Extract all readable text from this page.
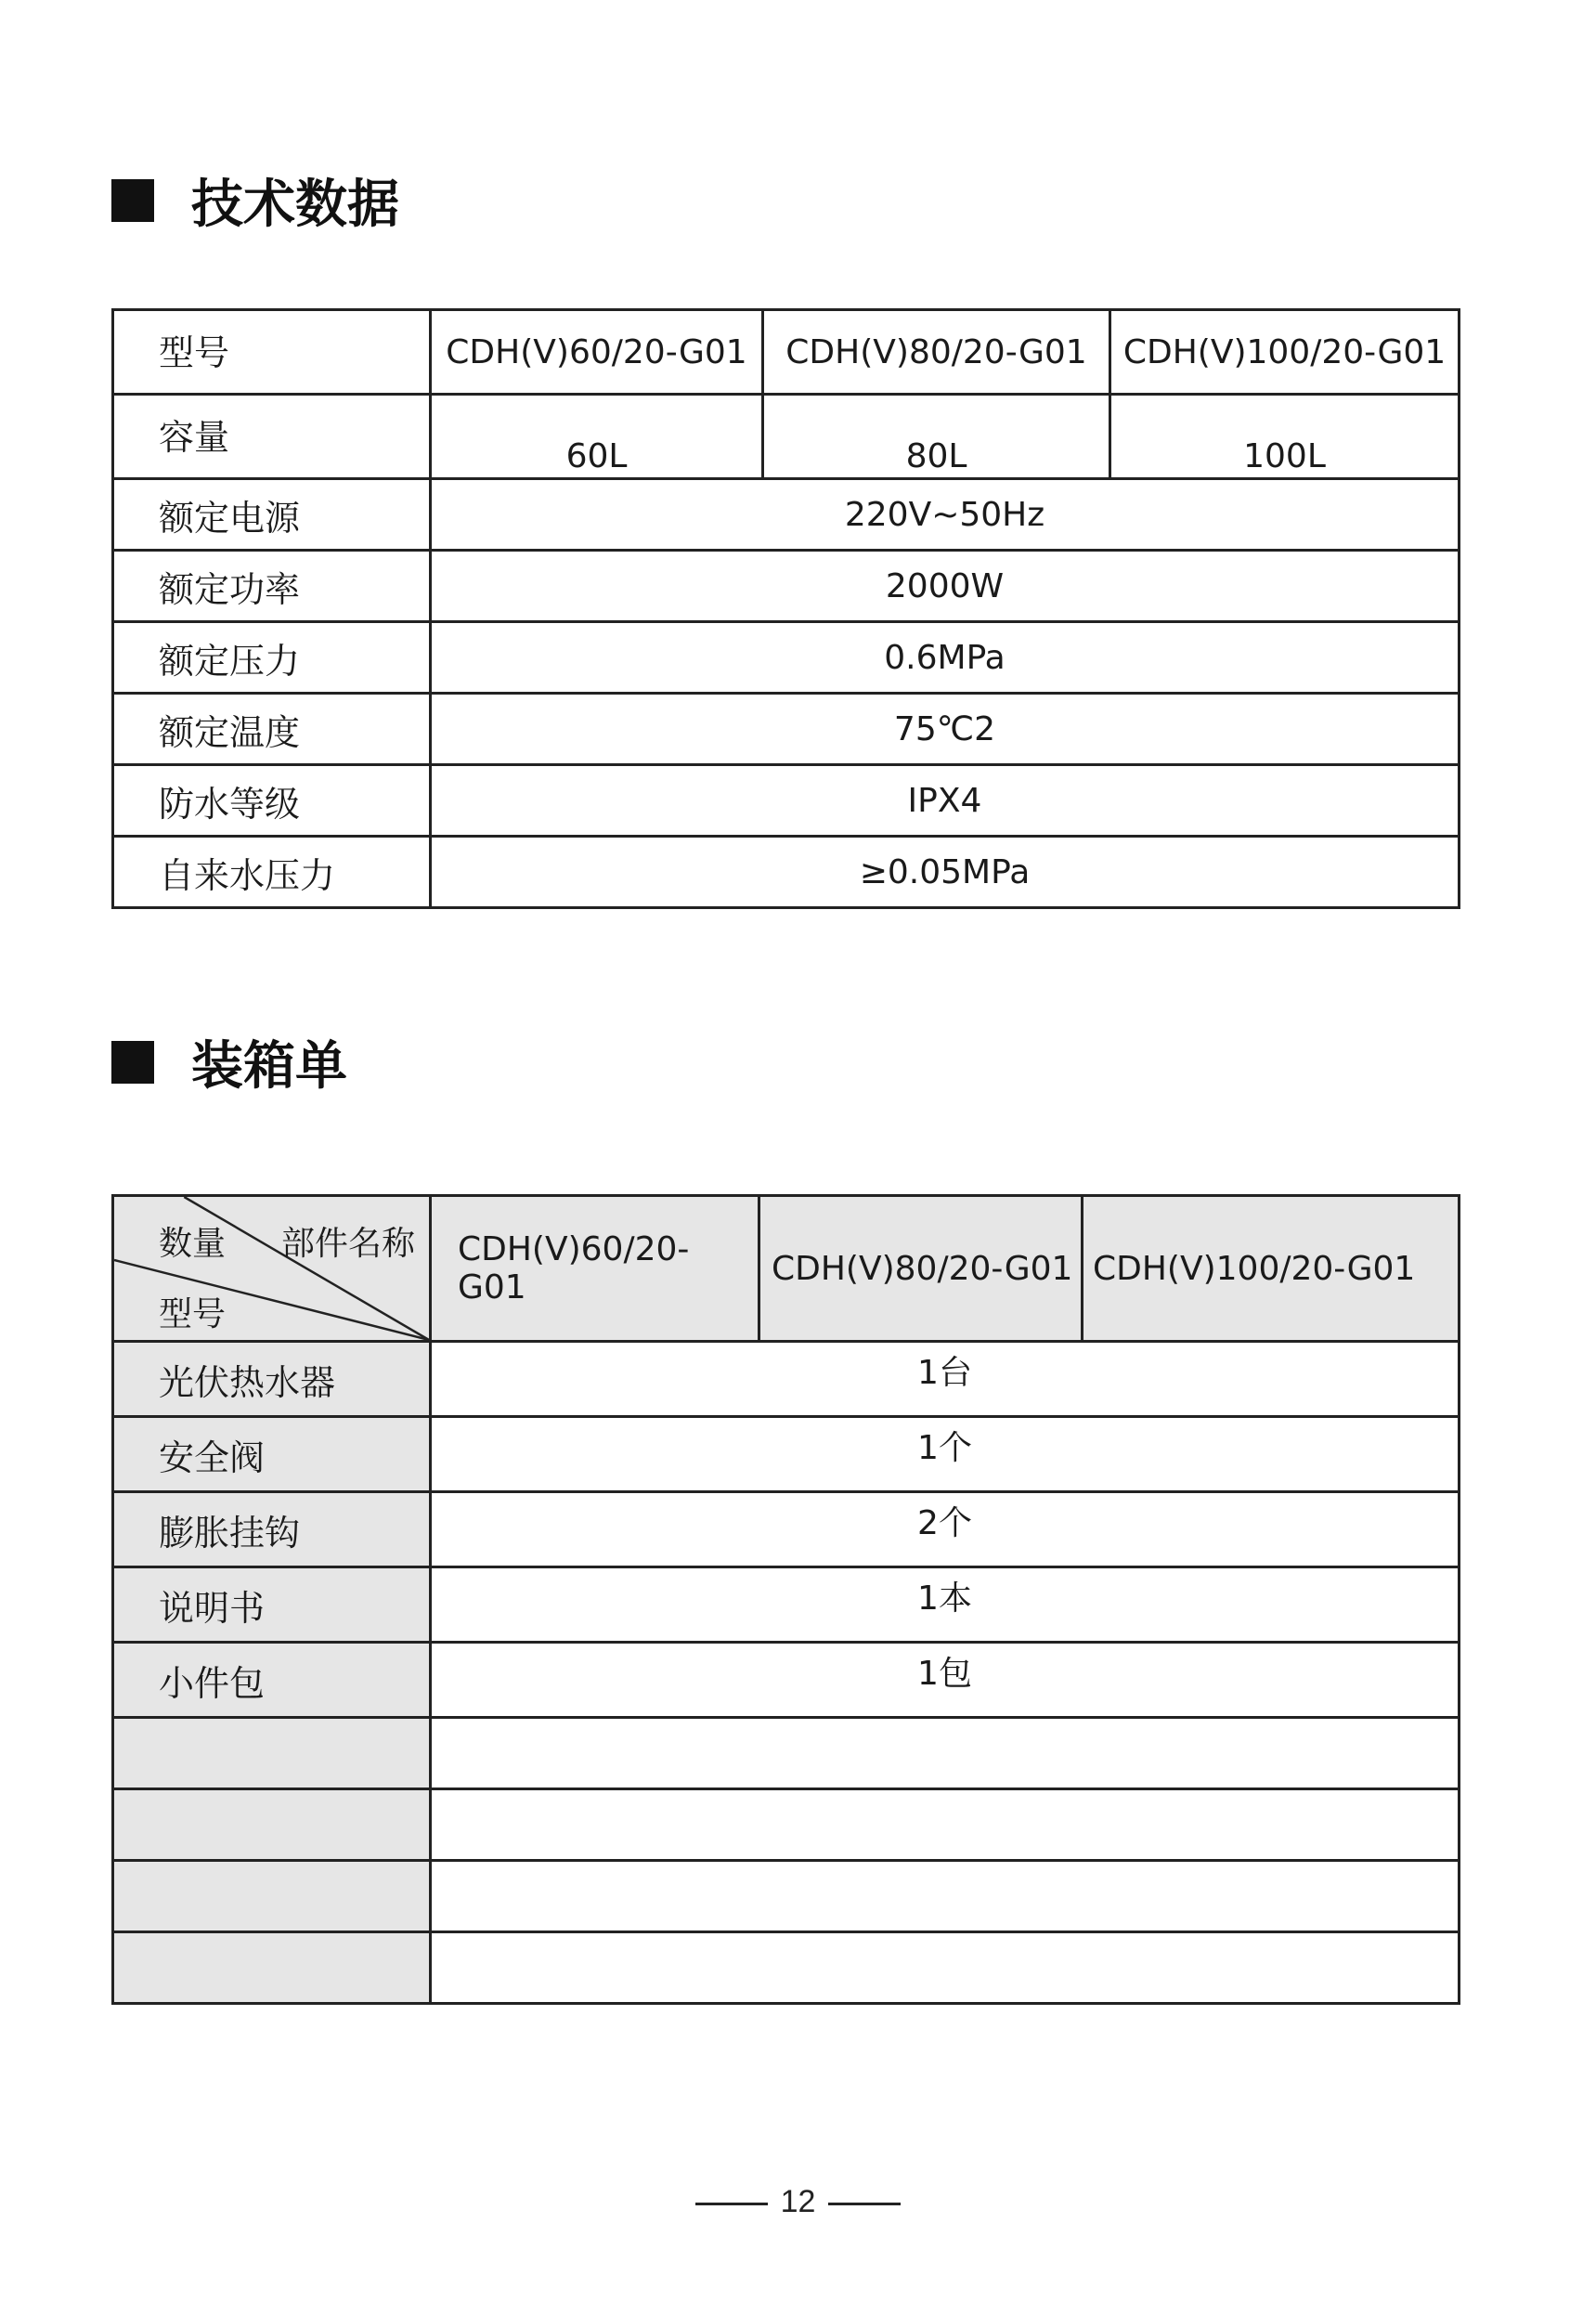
技术数据
型号	CDH(V)60/20-G01	CDH(V)80/20-G01	CDH(V)100/20-G01
容量	60L	80L	100L
额定电源	220V~50Hz		
额定功率	2000W		
额定压力	0.6MPa		
额定温度	75℃2		
防水等级	IPX4		
自来水压力	≥0.05MPa		
装箱单
数量 部件名称
型号	CDH(V)60/20-G01	CDH(V)80/20-G01	CDH(V)100/20-G01
光伏热水器	1台		
安全阀	1个		
膨胀挂钩	2个		
说明书	1本		
小件包	1包		

12
